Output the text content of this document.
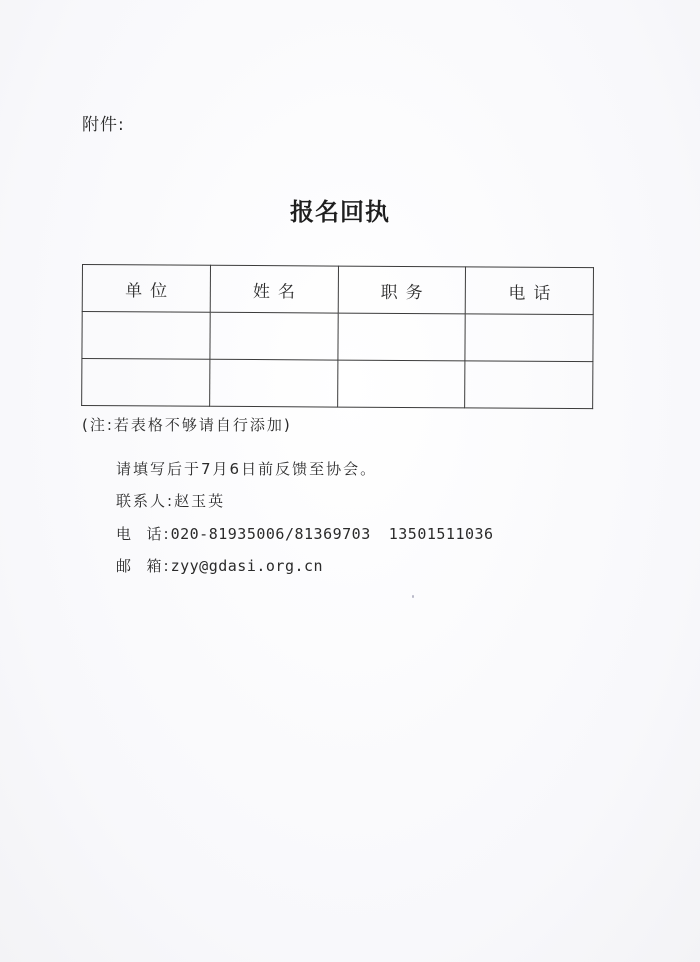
附件:
报名回执
单位	姓名	职务	电话

(注:若表格不够请自行添加)
请填写后于7月6日前反馈至协会。
联系人:赵玉英
电  话:020-81935006/81369703 13501511036
邮  箱:zyy@gdasi.org.cn
